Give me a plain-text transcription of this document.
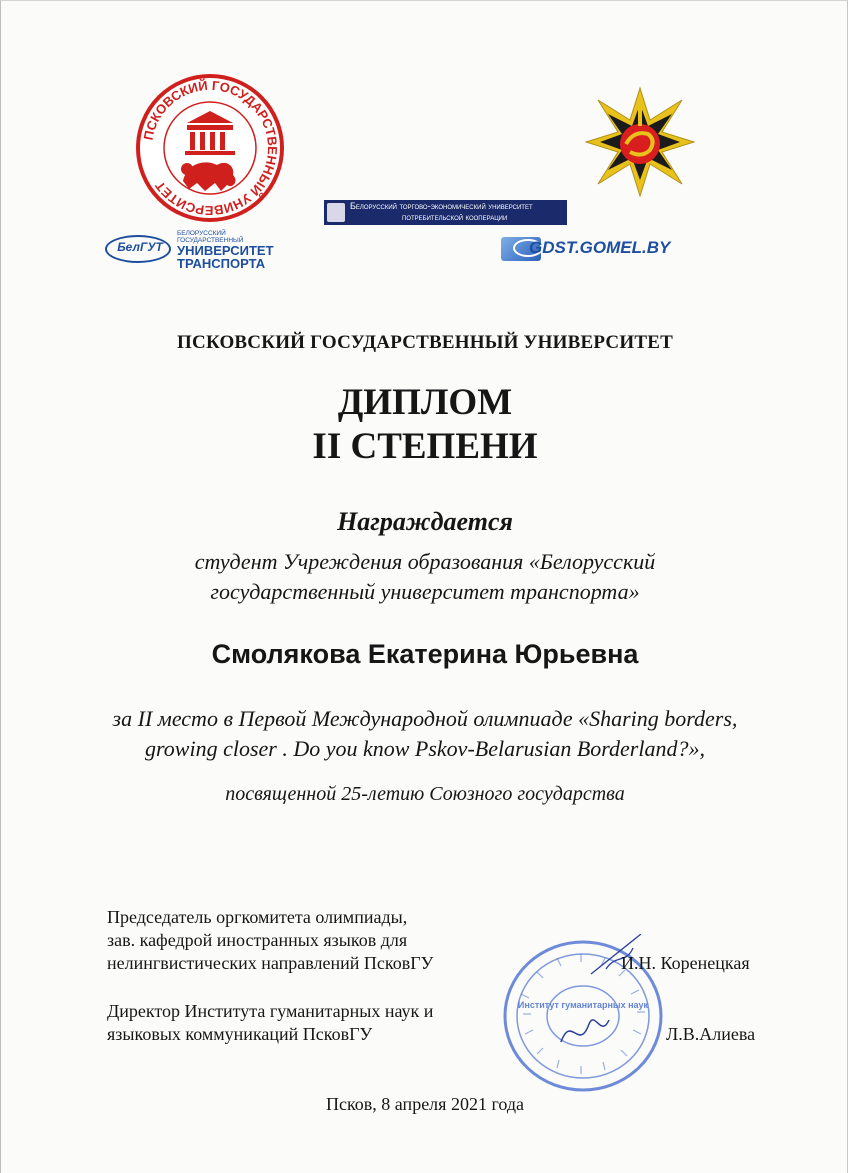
ПСКОВСКИЙ ГОСУДАРСТВЕННЫЙ УНИВЕРСИТЕТ
Белорусский торгово-экономический университет
потребительской кооперации
БелГУТ
БЕЛОРУССКИЙ
ГОСУДАРСТВЕННЫЙ
УНИВЕРСИТЕТ
ТРАНСПОРТА
GDST.GOMEL.BY
ПСКОВСКИЙ ГОСУДАРСТВЕННЫЙ УНИВЕРСИТЕТ
ДИПЛОМ
II СТЕПЕНИ
Награждается
студент Учреждения образования «Белорусский
государственный университет транспорта»
Смолякова Екатерина Юрьевна
за II место в Первой Международной олимпиаде «Sharing borders,
growing closer . Do you know Pskov-Belarusian Borderland?»,
посвященной 25-летию Союзного государства
Институт гуманитарных наук
Председатель оргкомитета олимпиады,
зав. кафедрой иностранных языков для
нелингвистических направлений ПсковГУ	И.Н. Коренецкая
Директор Института гуманитарных наук и
языковых коммуникаций ПсковГУ	Л.В.Алиева
Псков, 8 апреля 2021 года
